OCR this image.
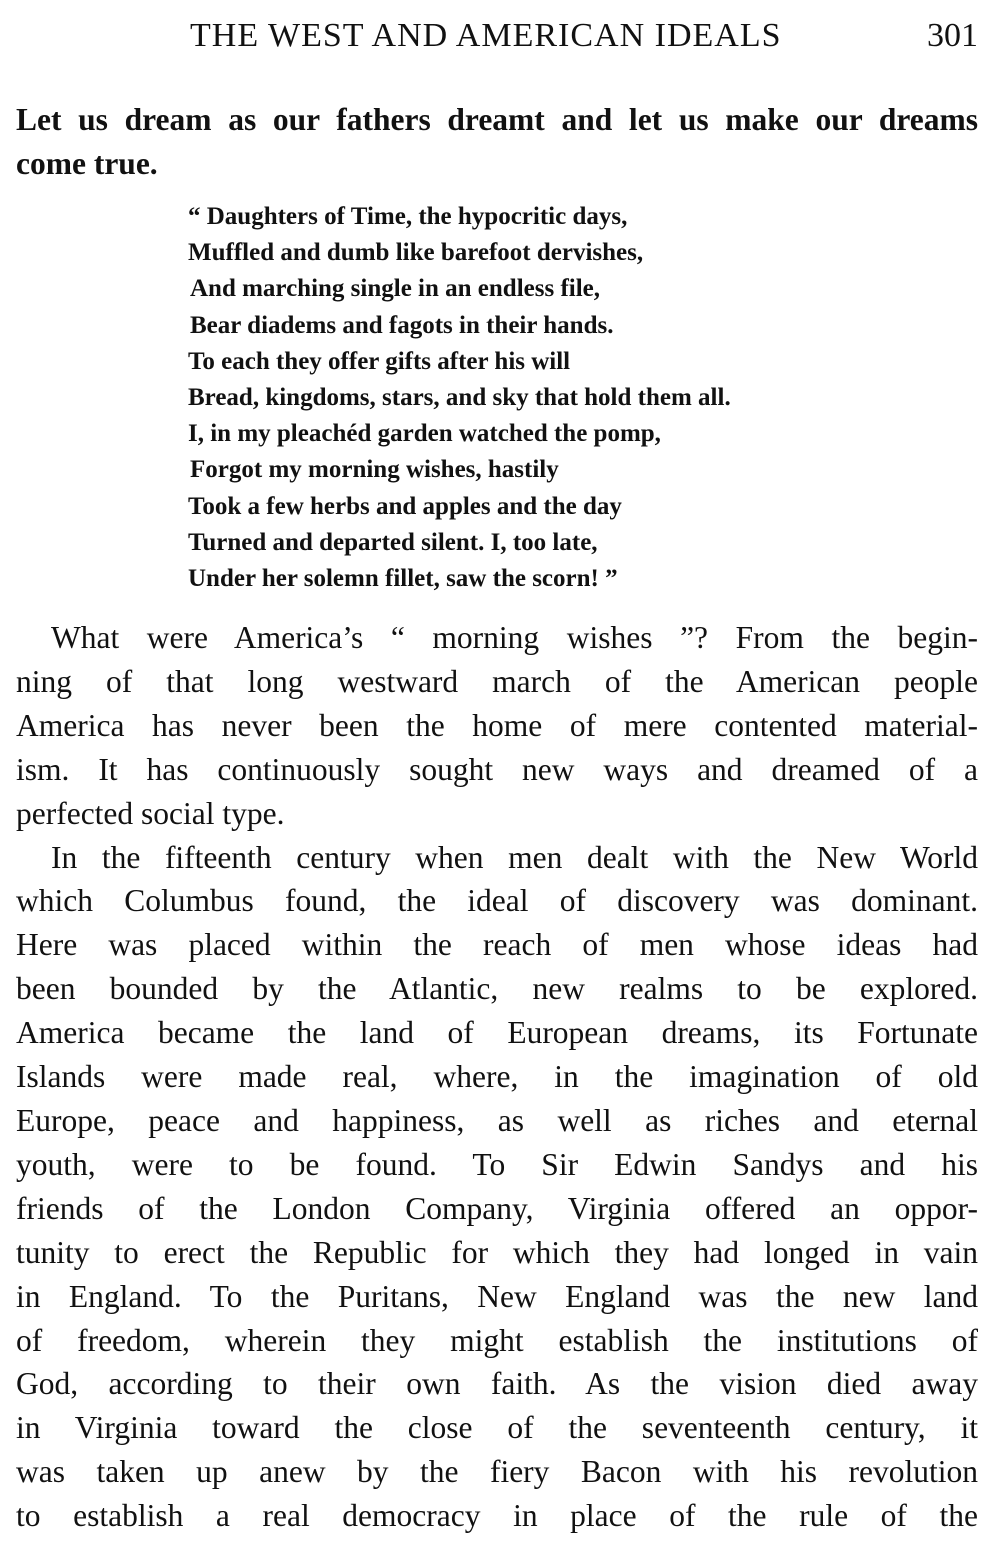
THE WEST AND AMERICAN IDEALS	301
Let us dream as our fathers dreamt and let us make our dreams
come true.
“ Daughters of Time, the hypocritic days,
Muffled and dumb like barefoot dervishes,
And marching single in an endless file,
Bear diadems and fagots in their hands.
To each they offer gifts after his will
Bread, kingdoms, stars, and sky that hold them all.
I, in my pleachéd garden watched the pomp,
Forgot my morning wishes, hastily
Took a few herbs and apples and the day
Turned and departed silent. I, too late,
Under her solemn fillet, saw the scorn! ”
What were America’s “ morning wishes ”? From the begin-
ning of that long westward march of the American people
America has never been the home of mere contented material-
ism. It has continuously sought new ways and dreamed of a
perfected social type.
In the fifteenth century when men dealt with the New World
which Columbus found, the ideal of discovery was dominant.
Here was placed within the reach of men whose ideas had
been bounded by the Atlantic, new realms to be explored.
America became the land of European dreams, its Fortunate
Islands were made real, where, in the imagination of old
Europe, peace and happiness, as well as riches and eternal
youth, were to be found. To Sir Edwin Sandys and his
friends of the London Company, Virginia offered an oppor-
tunity to erect the Republic for which they had longed in vain
in England. To the Puritans, New England was the new land
of freedom, wherein they might establish the institutions of
God, according to their own faith. As the vision died away
in Virginia toward the close of the seventeenth century, it
was taken up anew by the fiery Bacon with his revolution
to establish a real democracy in place of the rule of the
